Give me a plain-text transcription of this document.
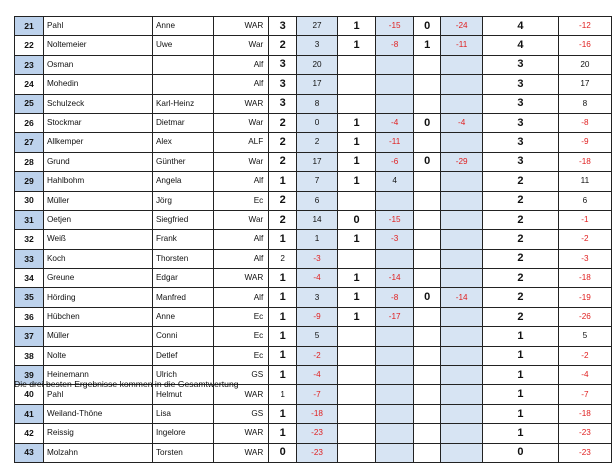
21	Pahl	Anne	WAR	3	27	1	-15	0	-24	4	-12
22	Noltemeier	Uwe	War	2	3	1	-8	1	-11	4	-16
23	Osman		Alf	3	20					3	20
24	Mohedin		Alf	3	17					3	17
25	Schulzeck	Karl-Heinz	WAR	3	8					3	8
26	Stockmar	Dietmar	War	2	0	1	-4	0	-4	3	-8
27	Allkemper	Alex	ALF	2	2	1	-11			3	-9
28	Grund	Günther	War	2	17	1	-6	0	-29	3	-18
29	Hahlbohm	Angela	Alf	1	7	1	4			2	11
30	Müller	Jörg	Ec	2	6					2	6
31	Oetjen	Siegfried	War	2	14	0	-15			2	-1
32	Weiß	Frank	Alf	1	1	1	-3			2	-2
33	Koch	Thorsten	Alf	2	-3					2	-3
34	Greune	Edgar	WAR	1	-4	1	-14			2	-18
35	Hörding	Manfred	Alf	1	3	1	-8	0	-14	2	-19
36	Hübchen	Anne	Ec	1	-9	1	-17			2	-26
37	Müller	Conni	Ec	1	5					1	5
38	Nolte	Detlef	Ec	1	-2					1	-2
39	Heinemann	Ulrich	GS	1	-4					1	-4
40	Pahl	Helmut	WAR	1	-7					1	-7
41	Weiland-Thöne	Lisa	GS	1	-18					1	-18
42	Reissig	Ingelore	WAR	1	-23					1	-23
43	Molzahn	Torsten	WAR	0	-23					0	-23
Die drei besten Ergebnisse kommen in die Gesamtwertung
